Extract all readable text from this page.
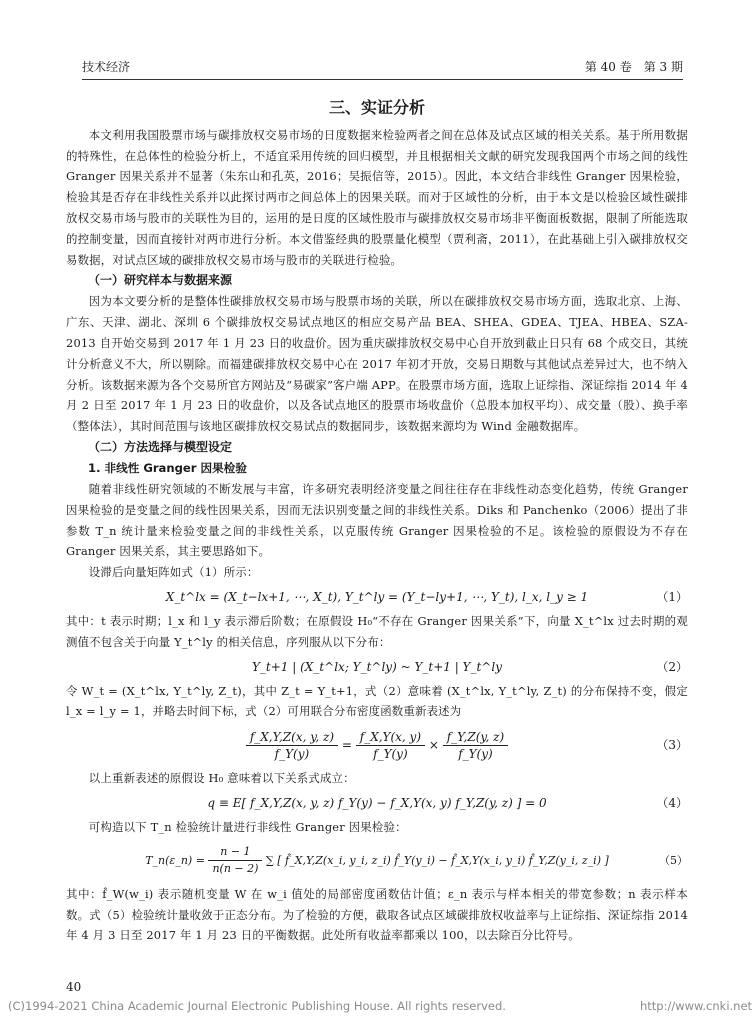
技术经济	第 40 卷　第 3 期
三、实证分析

本文利用我国股票市场与碳排放权交易市场的日度数据来检验两者之间在总体及试点区域的相关关系。基于所用数据的特殊性，在总体性的检验分析上，不适宜采用传统的回归模型，并且根据相关文献的研究发现我国两个市场之间的线性 Granger 因果关系并不显著（朱东山和孔英，2016；吴振信等，2015）。因此，本文结合非线性 Granger 因果检验，检验其是否存在非线性关系并以此探讨两市之间总体上的因果关联。而对于区域性的分析，由于本文是以检验区域性碳排放权交易市场与股市的关联性为目的，运用的是日度的区域性股市与碳排放权交易市场非平衡面板数据，限制了所能选取的控制变量，因而直接针对两市进行分析。本文借鉴经典的股票量化模型（贾利斋，2011），在此基础上引入碳排放权交易数据，对试点区域的碳排放权交易市场与股市的关联进行检验。

（一）研究样本与数据来源

因为本文要分析的是整体性碳排放权交易市场与股票市场的关联，所以在碳排放权交易市场方面，选取北京、上海、广东、天津、湖北、深圳 6 个碳排放权交易试点地区的相应交易产品 BEA、SHEA、GDEA、TJEA、HBEA、SZA-2013 自开始交易到 2017 年 1 月 23 日的收盘价。因为重庆碳排放权交易中心自开放到截止日只有 68 个成交日，其统计分析意义不大，所以剔除。而福建碳排放权交易中心在 2017 年初才开放，交易日期数与其他试点差异过大，也不纳入分析。该数据来源为各个交易所官方网站及“易碳家”客户端 APP。在股票市场方面，选取上证综指、深证综指 2014 年 4 月 2 日至 2017 年 1 月 23 日的收盘价，以及各试点地区的股票市场收盘价（总股本加权平均）、成交量（股）、换手率（整体法），其时间范围与该地区碳排放权交易试点的数据同步，该数据来源均为 Wind 金融数据库。

（二）方法选择与模型设定
1. 非线性 Granger 因果检验

随着非线性研究领域的不断发展与丰富，许多研究表明经济变量之间往往存在非线性动态变化趋势，传统 Granger 因果检验的是变量之间的线性因果关系，因而无法识别变量之间的非线性关系。Diks 和 Panchenko（2006）提出了非参数 T_n 统计量来检验变量之间的非线性关系，以克服传统 Granger 因果检验的不足。该检验的原假设为不存在 Granger 因果关系，其主要思路如下。

设滞后向量矩阵如式（1）所示：

X_t^lx = (X_t−lx+1, ⋯, X_t), Y_t^ly = (Y_t−ly+1, ⋯, Y_t), l_x, l_y ≥ 1	（1）

其中：t 表示时期；l_x 和 l_y 表示滞后阶数；在原假设 H₀“不存在 Granger 因果关系”下，向量 X_t^lx 过去时期的观测值不包含关于向量 Y_t^ly 的相关信息，序列服从以下分布：

Y_t+1 | (X_t^lx; Y_t^ly) ~ Y_t+1 | Y_t^ly	（2）

令 W_t = (X_t^lx, Y_t^ly, Z_t)，其中 Z_t = Y_t+1，式（2）意味着 (X_t^lx, Y_t^ly, Z_t) 的分布保持不变，假定 l_x = l_y = 1，并略去时间下标，式（2）可用联合分布密度函数重新表述为

$\frac{f\_X,Y,Z(x, y, z)}{f\_Y(y)} = \frac{f\_X,Y(x, y)}{f\_Y(y)} \times \frac{f\_Y,Z(y, z)}{f\_Y(y)}$	（3）

以上重新表述的原假设 H₀ 意味着以下关系式成立：

q ≡ E[ f_X,Y,Z(x, y, z) f_Y(y) − f_X,Y(x, y) f_Y,Z(y, z) ] = 0	（4）

可构造以下 T_n 检验统计量进行非线性 Granger 因果检验：

T_n(ε_n) = $\frac{n - 1}{n(n - 2)}$ ∑ [ f̂_X,Y,Z(x_i, y_i, z_i) f̂_Y(y_i) − f̂_X,Y(x_i, y_i) f̂_Y,Z(y_i, z_i) ]	（5）

其中：f̂_W(w_i) 表示随机变量 W 在 w_i 值处的局部密度函数估计值；ε_n 表示与样本相关的带宽参数；n 表示样本数。式（5）检验统计量收敛于正态分布。为了检验的方便，截取各试点区域碳排放权收益率与上证综指、深证综指 2014 年 4 月 3 日至 2017 年 1 月 23 日的平衡数据。此处所有收益率都乘以 100，以去除百分比符号。

40
(C)1994-2021 China Academic Journal Electronic Publishing House. All rights reserved.	http://www.cnki.net
